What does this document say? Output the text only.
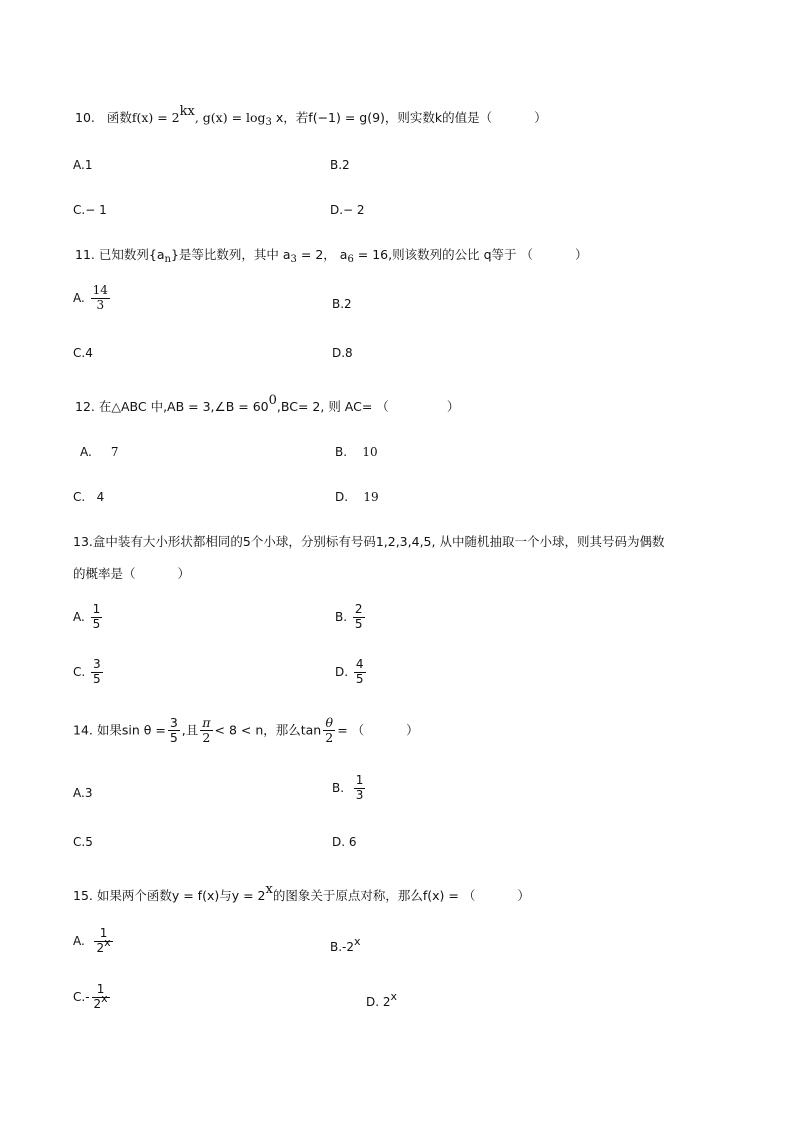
10. 函数f(x) = 2kx, $g(x) = \log_3 x$，若f(−1) = g(9)，则实数k的值是（	）
A.1	B.2
C.− 1	D.− 2
11. 已知数列$\{a_n\}$是等比数列，其中 $a_3 = 2$， $a_6 = 16$,则该数列的公比 q等于 （	）
A. $\frac{14}{3}$	B.2
C.4	D.8
12. 在△ABC 中,AB = 3,∠B = 600,BC= 2, 则 AC= （	）
A. 7	B. 10
C. 4	D. 19
13.盒中装有大小形状都相同的5个小球，分别标有号码1,2,3,4,5, 从中随机抽取一个小球，则其号码为偶数
的概率是（	）
A. $\frac{1}{5}$	B. $\frac{2}{5}$
C. $\frac{3}{5}$	D. $\frac{4}{5}$
14. 如果$\sin \theta = \frac{3}{5}$ ,且 $\frac{\pi}{2} < 8 < n$，那么$\tan \frac{\theta}{2}$ = （	）
A.3	B. $\frac{1}{3}$
C.5	D. 6
15. 如果两个函数y = f(x)与y = 2x的图象关于原点对称，那么f(x) = （	）
A. $\frac{1}{2x}$	B.-2x
$C.- \frac{1}{2x}$	D. 2x
